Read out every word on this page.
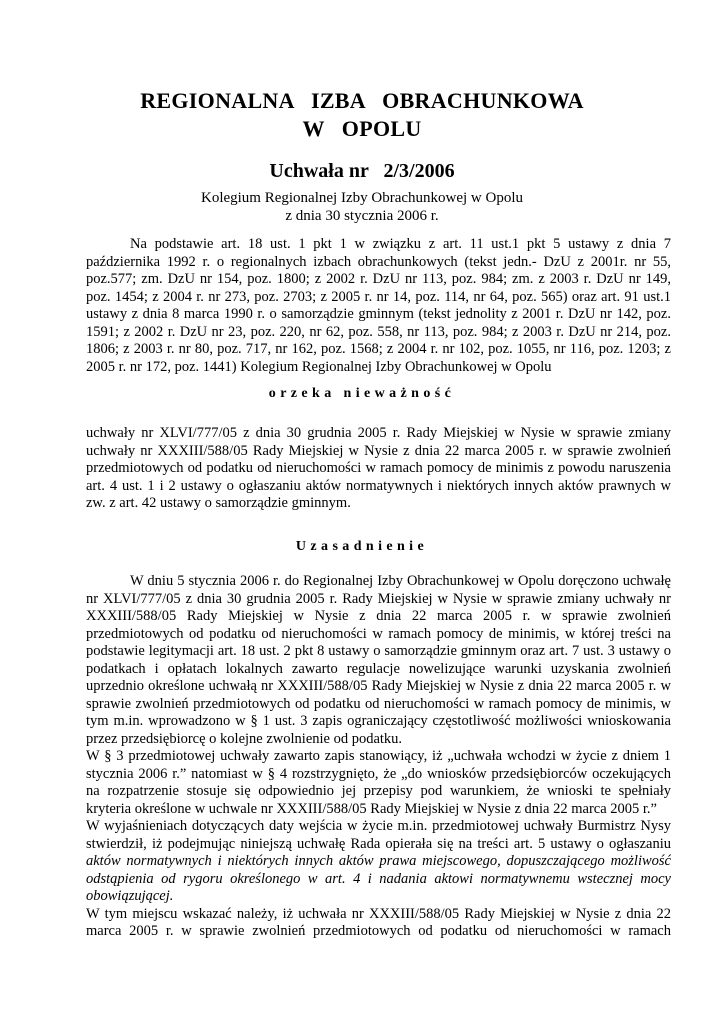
REGIONALNA   IZBA   OBRACHUNKOWA
W   OPOLU
Uchwała nr   2/3/2006
Kolegium Regionalnej Izby Obrachunkowej w Opolu
z dnia 30 stycznia 2006 r.
Na podstawie art. 18 ust. 1 pkt 1 w związku z art. 11 ust.1 pkt 5 ustawy z dnia 7
października 1992 r. o regionalnych izbach obrachunkowych (tekst jedn.- DzU z 2001r. nr 55,
poz.577; zm. DzU nr 154, poz. 1800; z 2002 r. DzU nr 113, poz. 984; zm. z 2003 r. DzU nr 149,
poz. 1454; z 2004 r. nr 273, poz. 2703; z 2005 r. nr 14, poz. 114, nr 64, poz. 565) oraz art. 91 ust.1
ustawy z dnia 8 marca 1990 r. o samorządzie gminnym (tekst jednolity z 2001 r. DzU nr 142, poz.
1591; z 2002 r. DzU nr 23, poz. 220, nr 62, poz. 558, nr 113, poz. 984; z 2003 r. DzU nr 214, poz.
1806; z 2003 r. nr 80, poz. 717, nr 162, poz. 1568; z 2004 r. nr 102, poz. 1055, nr 116, poz. 1203; z
2005 r. nr 172, poz. 1441) Kolegium Regionalnej Izby Obrachunkowej w Opolu
orzeka nieważność
uchwały nr XLVI/777/05 z dnia 30 grudnia 2005 r. Rady Miejskiej w Nysie w sprawie zmiany
uchwały nr XXXIII/588/05 Rady Miejskiej w Nysie z dnia 22 marca 2005 r. w sprawie zwolnień
przedmiotowych od podatku od nieruchomości w ramach pomocy de minimis z powodu naruszenia
art. 4 ust. 1 i 2 ustawy o ogłaszaniu aktów normatywnych i niektórych innych aktów prawnych w
zw. z art. 42 ustawy o samorządzie gminnym.
Uzasadnienie
W dniu 5 stycznia 2006 r. do Regionalnej Izby Obrachunkowej w Opolu doręczono uchwałę
nr XLVI/777/05 z dnia 30 grudnia 2005 r. Rady Miejskiej w Nysie w sprawie zmiany uchwały nr
XXXIII/588/05 Rady Miejskiej w Nysie z dnia 22 marca 2005 r. w sprawie zwolnień
przedmiotowych od podatku od nieruchomości w ramach pomocy de minimis, w której treści na
podstawie legitymacji art. 18 ust. 2 pkt 8 ustawy o samorządzie gminnym oraz art. 7 ust. 3 ustawy o
podatkach i opłatach lokalnych zawarto regulacje nowelizujące warunki uzyskania zwolnień
uprzednio określone uchwałą nr XXXIII/588/05 Rady Miejskiej w Nysie z dnia 22 marca 2005 r. w
sprawie zwolnień przedmiotowych od podatku od nieruchomości w ramach pomocy de minimis, w
tym m.in. wprowadzono w § 1 ust. 3 zapis ograniczający częstotliwość możliwości wnioskowania
przez przedsiębiorcę o kolejne zwolnienie od podatku.
W § 3 przedmiotowej uchwały zawarto zapis stanowiący, iż „uchwała wchodzi w życie z dniem 1
stycznia 2006 r.” natomiast w § 4 rozstrzygnięto, że „do wniosków przedsiębiorców oczekujących
na rozpatrzenie stosuje się odpowiednio jej przepisy pod warunkiem, że wnioski te spełniały
kryteria określone w uchwale nr XXXIII/588/05 Rady Miejskiej w Nysie z dnia 22 marca 2005 r.”
W wyjaśnieniach dotyczących daty wejścia w życie m.in. przedmiotowej uchwały Burmistrz Nysy
stwierdził, iż podejmując niniejszą uchwałę Rada opierała się na treści art. 5 ustawy o ogłaszaniu
aktów normatywnych i niektórych innych aktów prawa miejscowego, dopuszczającego możliwość
odstąpienia od rygoru określonego w art. 4 i nadania aktowi normatywnemu wstecznej mocy
obowiązującej.
W tym miejscu wskazać należy, iż uchwała nr XXXIII/588/05 Rady Miejskiej w Nysie z dnia 22
marca 2005 r. w sprawie zwolnień przedmiotowych od podatku od nieruchomości w ramach
